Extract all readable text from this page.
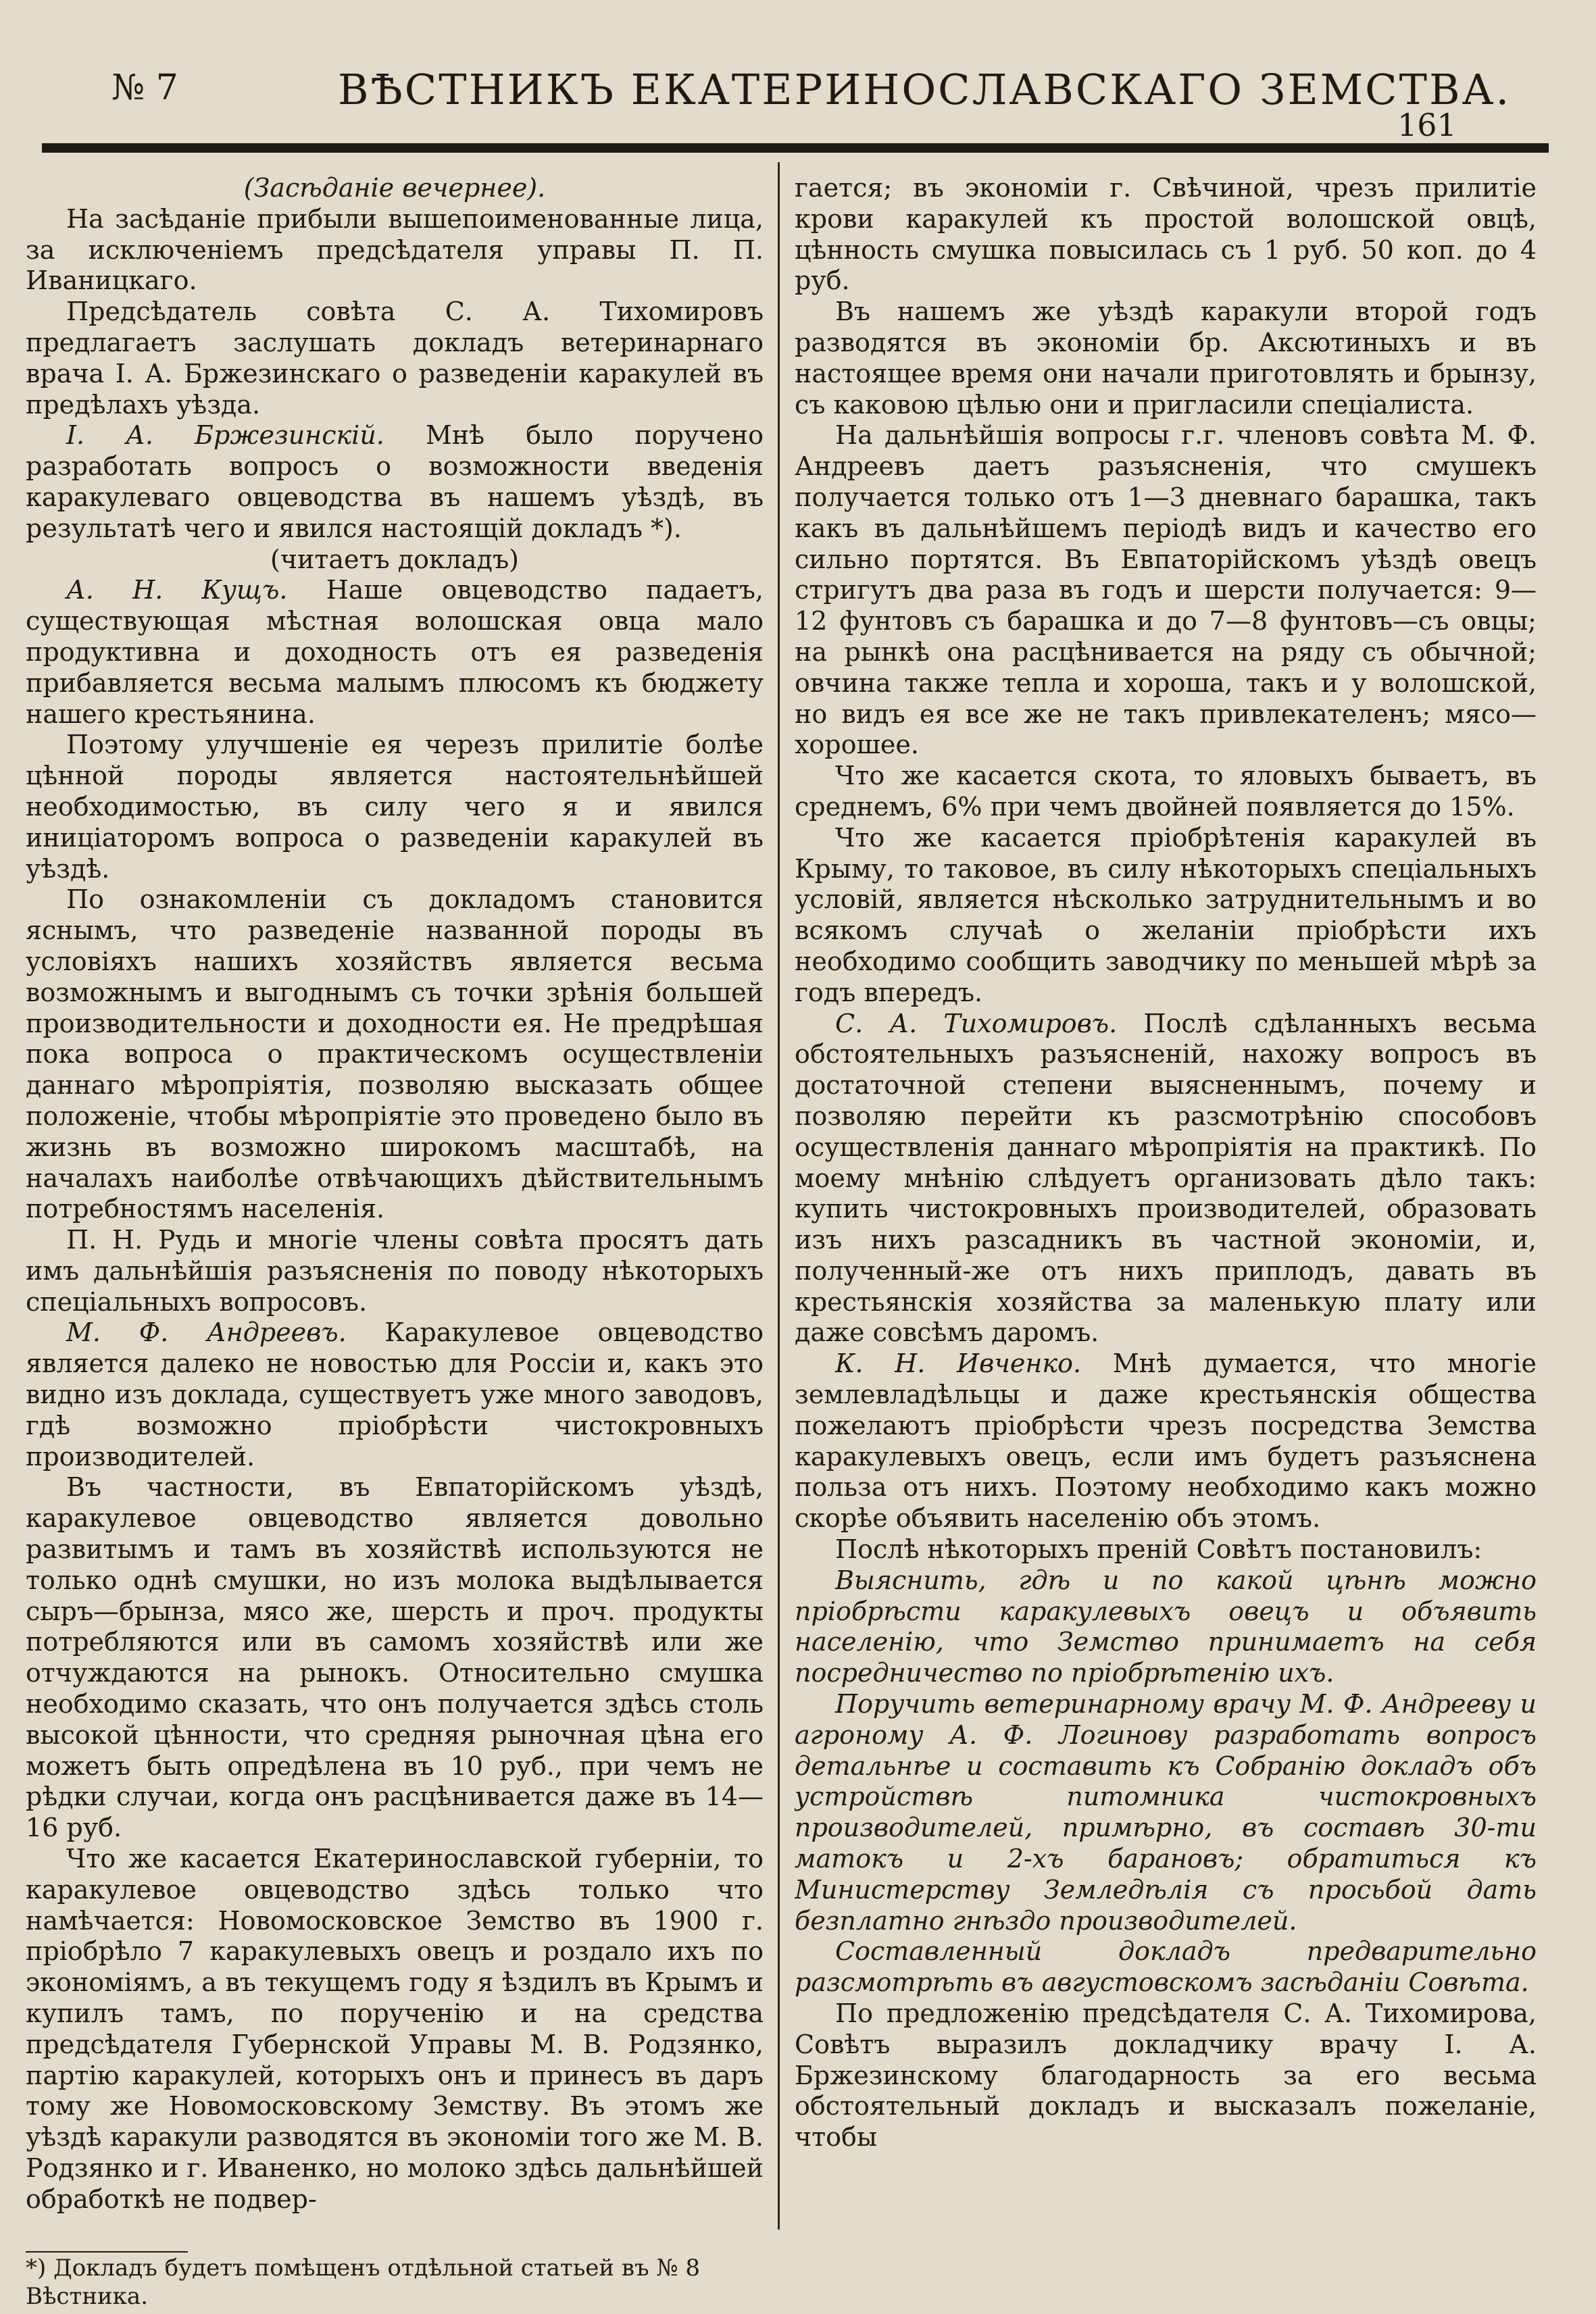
№ 7	ВѢСТНИКЪ ЕКАТЕРИНОСЛАВСКАГО ЗЕМСТВА.
161

(Засѣданіе вечернее).

На засѣданіе прибыли вышепоименованные лица, за исключеніемъ предсѣдателя управы П. П. Иваницкаго.

Предсѣдатель совѣта С. А. Тихомировъ предлагаетъ заслушать докладъ ветеринарнаго врача І. А. Бржезинскаго о разведеніи каракулей въ предѣлахъ уѣзда.

І. А. Бржезинскій. Мнѣ было поручено разработать вопросъ о возможности введенія каракулеваго овцеводства въ нашемъ уѣздѣ, въ результатѣ чего и явился настоящій докладъ *).

(читаетъ докладъ)

А. Н. Кущъ. Наше овцеводство падаетъ, существующая мѣстная волошская овца мало продуктивна и доходность отъ ея разведенія прибавляется весьма малымъ плюсомъ къ бюджету нашего крестьянина.

Поэтому улучшеніе ея черезъ прилитіе болѣе цѣнной породы является настоятельнѣйшей необходимостью, въ силу чего я и явился иниціаторомъ вопроса о разведеніи каракулей въ уѣздѣ.

По ознакомленіи съ докладомъ становится яснымъ, что разведеніе названной породы въ условіяхъ нашихъ хозяйствъ является весьма возможнымъ и выгоднымъ съ точки зрѣнія большей производительности и доходности ея. Не предрѣшая пока вопроса о практическомъ осуществленіи даннаго мѣропріятія, позволяю высказать общее положеніе, чтобы мѣропріятіе это проведено было въ жизнь въ возможно широкомъ масштабѣ, на началахъ наиболѣе отвѣчающихъ дѣйствительнымъ потребностямъ населенія.

П. Н. Рудь и многіе члены совѣта просятъ дать имъ дальнѣйшія разъясненія по поводу нѣкоторыхъ спеціальныхъ вопросовъ.

М. Ф. Андреевъ. Каракулевое овцеводство является далеко не новостью для Россіи и, какъ это видно изъ доклада, существуетъ уже много заводовъ, гдѣ возможно пріобрѣсти чистокровныхъ производителей.

Въ частности, въ Евпаторійскомъ уѣздѣ, каракулевое овцеводство является довольно развитымъ и тамъ въ хозяйствѣ используются не только однѣ смушки, но изъ молока выдѣлывается сыръ—брынза, мясо же, шерсть и проч. продукты потребляются или въ самомъ хозяйствѣ или же отчуждаются на рынокъ. Относительно смушка необходимо сказать, что онъ получается здѣсь столь высокой цѣнности, что средняя рыночная цѣна его можетъ быть опредѣлена въ 10 руб., при чемъ не рѣдки случаи, когда онъ расцѣнивается даже въ 14—16 руб.

Что же касается Екатеринославской губерніи, то каракулевое овцеводство здѣсь только что намѣчается: Новомосковское Земство въ 1900 г. пріобрѣло 7 каракулевыхъ овецъ и роздало ихъ по экономіямъ, а въ текущемъ году я ѣздилъ въ Крымъ и купилъ тамъ, по порученію и на средства предсѣдателя Губернской Управы М. В. Родзянко, партію каракулей, которыхъ онъ и принесъ въ даръ тому же Новомосковскому Земству. Въ этомъ же уѣздѣ каракули разводятся въ экономіи того же М. В. Родзянко и г. Иваненко, но молоко здѣсь дальнѣйшей обработкѣ не подвер-

гается; въ экономіи г. Свѣчиной, чрезъ прилитіе крови каракулей къ простой волошской овцѣ, цѣнность смушка повысилась съ 1 руб. 50 коп. до 4 руб.

Въ нашемъ же уѣздѣ каракули второй годъ разводятся въ экономіи бр. Аксютиныхъ и въ настоящее время они начали приготовлять и брынзу, съ каковою цѣлью они и пригласили спеціалиста.

На дальнѣйшія вопросы г.г. членовъ совѣта М. Ф. Андреевъ даетъ разъясненія, что смушекъ получается только отъ 1—3 дневнаго барашка, такъ какъ въ дальнѣйшемъ періодѣ видъ и качество его сильно портятся. Въ Евпаторійскомъ уѣздѣ овецъ стригутъ два раза въ годъ и шерсти получается: 9—12 фунтовъ съ барашка и до 7—8 фунтовъ—съ овцы; на рынкѣ она расцѣнивается на ряду съ обычной; овчина также тепла и хороша, такъ и у волошской, но видъ ея все же не такъ привлекателенъ; мясо—хорошее.

Что же касается скота, то яловыхъ бываетъ, въ среднемъ, 6% при чемъ двойней появляется до 15%.

Что же касается пріобрѣтенія каракулей въ Крыму, то таковое, въ силу нѣкоторыхъ спеціальныхъ условій, является нѣсколько затруднительнымъ и во всякомъ случаѣ о желаніи пріобрѣсти ихъ необходимо сообщить заводчику по меньшей мѣрѣ за годъ впередъ.

С. А. Тихомировъ. Послѣ сдѣланныхъ весьма обстоятельныхъ разъясненій, нахожу вопросъ въ достаточной степени выясненнымъ, почему и позволяю перейти къ разсмотрѣнію способовъ осуществленія даннаго мѣропріятія на практикѣ. По моему мнѣнію слѣдуетъ организовать дѣло такъ: купить чистокровныхъ производителей, образовать изъ нихъ разсадникъ въ частной экономіи, и, полученный-же отъ нихъ приплодъ, давать въ крестьянскія хозяйства за маленькую плату или даже совсѣмъ даромъ.

К. Н. Ивченко. Мнѣ думается, что многіе землевладѣльцы и даже крестьянскія общества пожелаютъ пріобрѣсти чрезъ посредства Земства каракулевыхъ овецъ, если имъ будетъ разъяснена польза отъ нихъ. Поэтому необходимо какъ можно скорѣе объявить населенію объ этомъ.

Послѣ нѣкоторыхъ преній Совѣтъ постановилъ:

Выяснить, гдѣ и по какой цѣнѣ можно пріобрѣсти каракулевыхъ овецъ и объявить населенію, что Земство принимаетъ на себя посредничество по пріобрѣтенію ихъ.

Поручить ветеринарному врачу М. Ф. Андрееву и агроному А. Ф. Логинову разработать вопросъ детальнѣе и составить къ Собранію докладъ объ устройствѣ питомника чистокровныхъ производителей, примѣрно, въ составѣ 30-ти матокъ и 2-хъ барановъ; обратиться къ Министерству Земледѣлія съ просьбой дать безплатно гнѣздо производителей.

Составленный докладъ предварительно разсмотрѣть въ августовскомъ засѣданіи Совѣта.

По предложенію предсѣдателя С. А. Тихомирова, Совѣтъ выразилъ докладчику врачу І. А. Бржезинскому благодарность за его весьма обстоятельный докладъ и высказалъ пожеланіе, чтобы

*) Докладъ будетъ помѣщенъ отдѣльной статьей въ № 8 Вѣстника.
